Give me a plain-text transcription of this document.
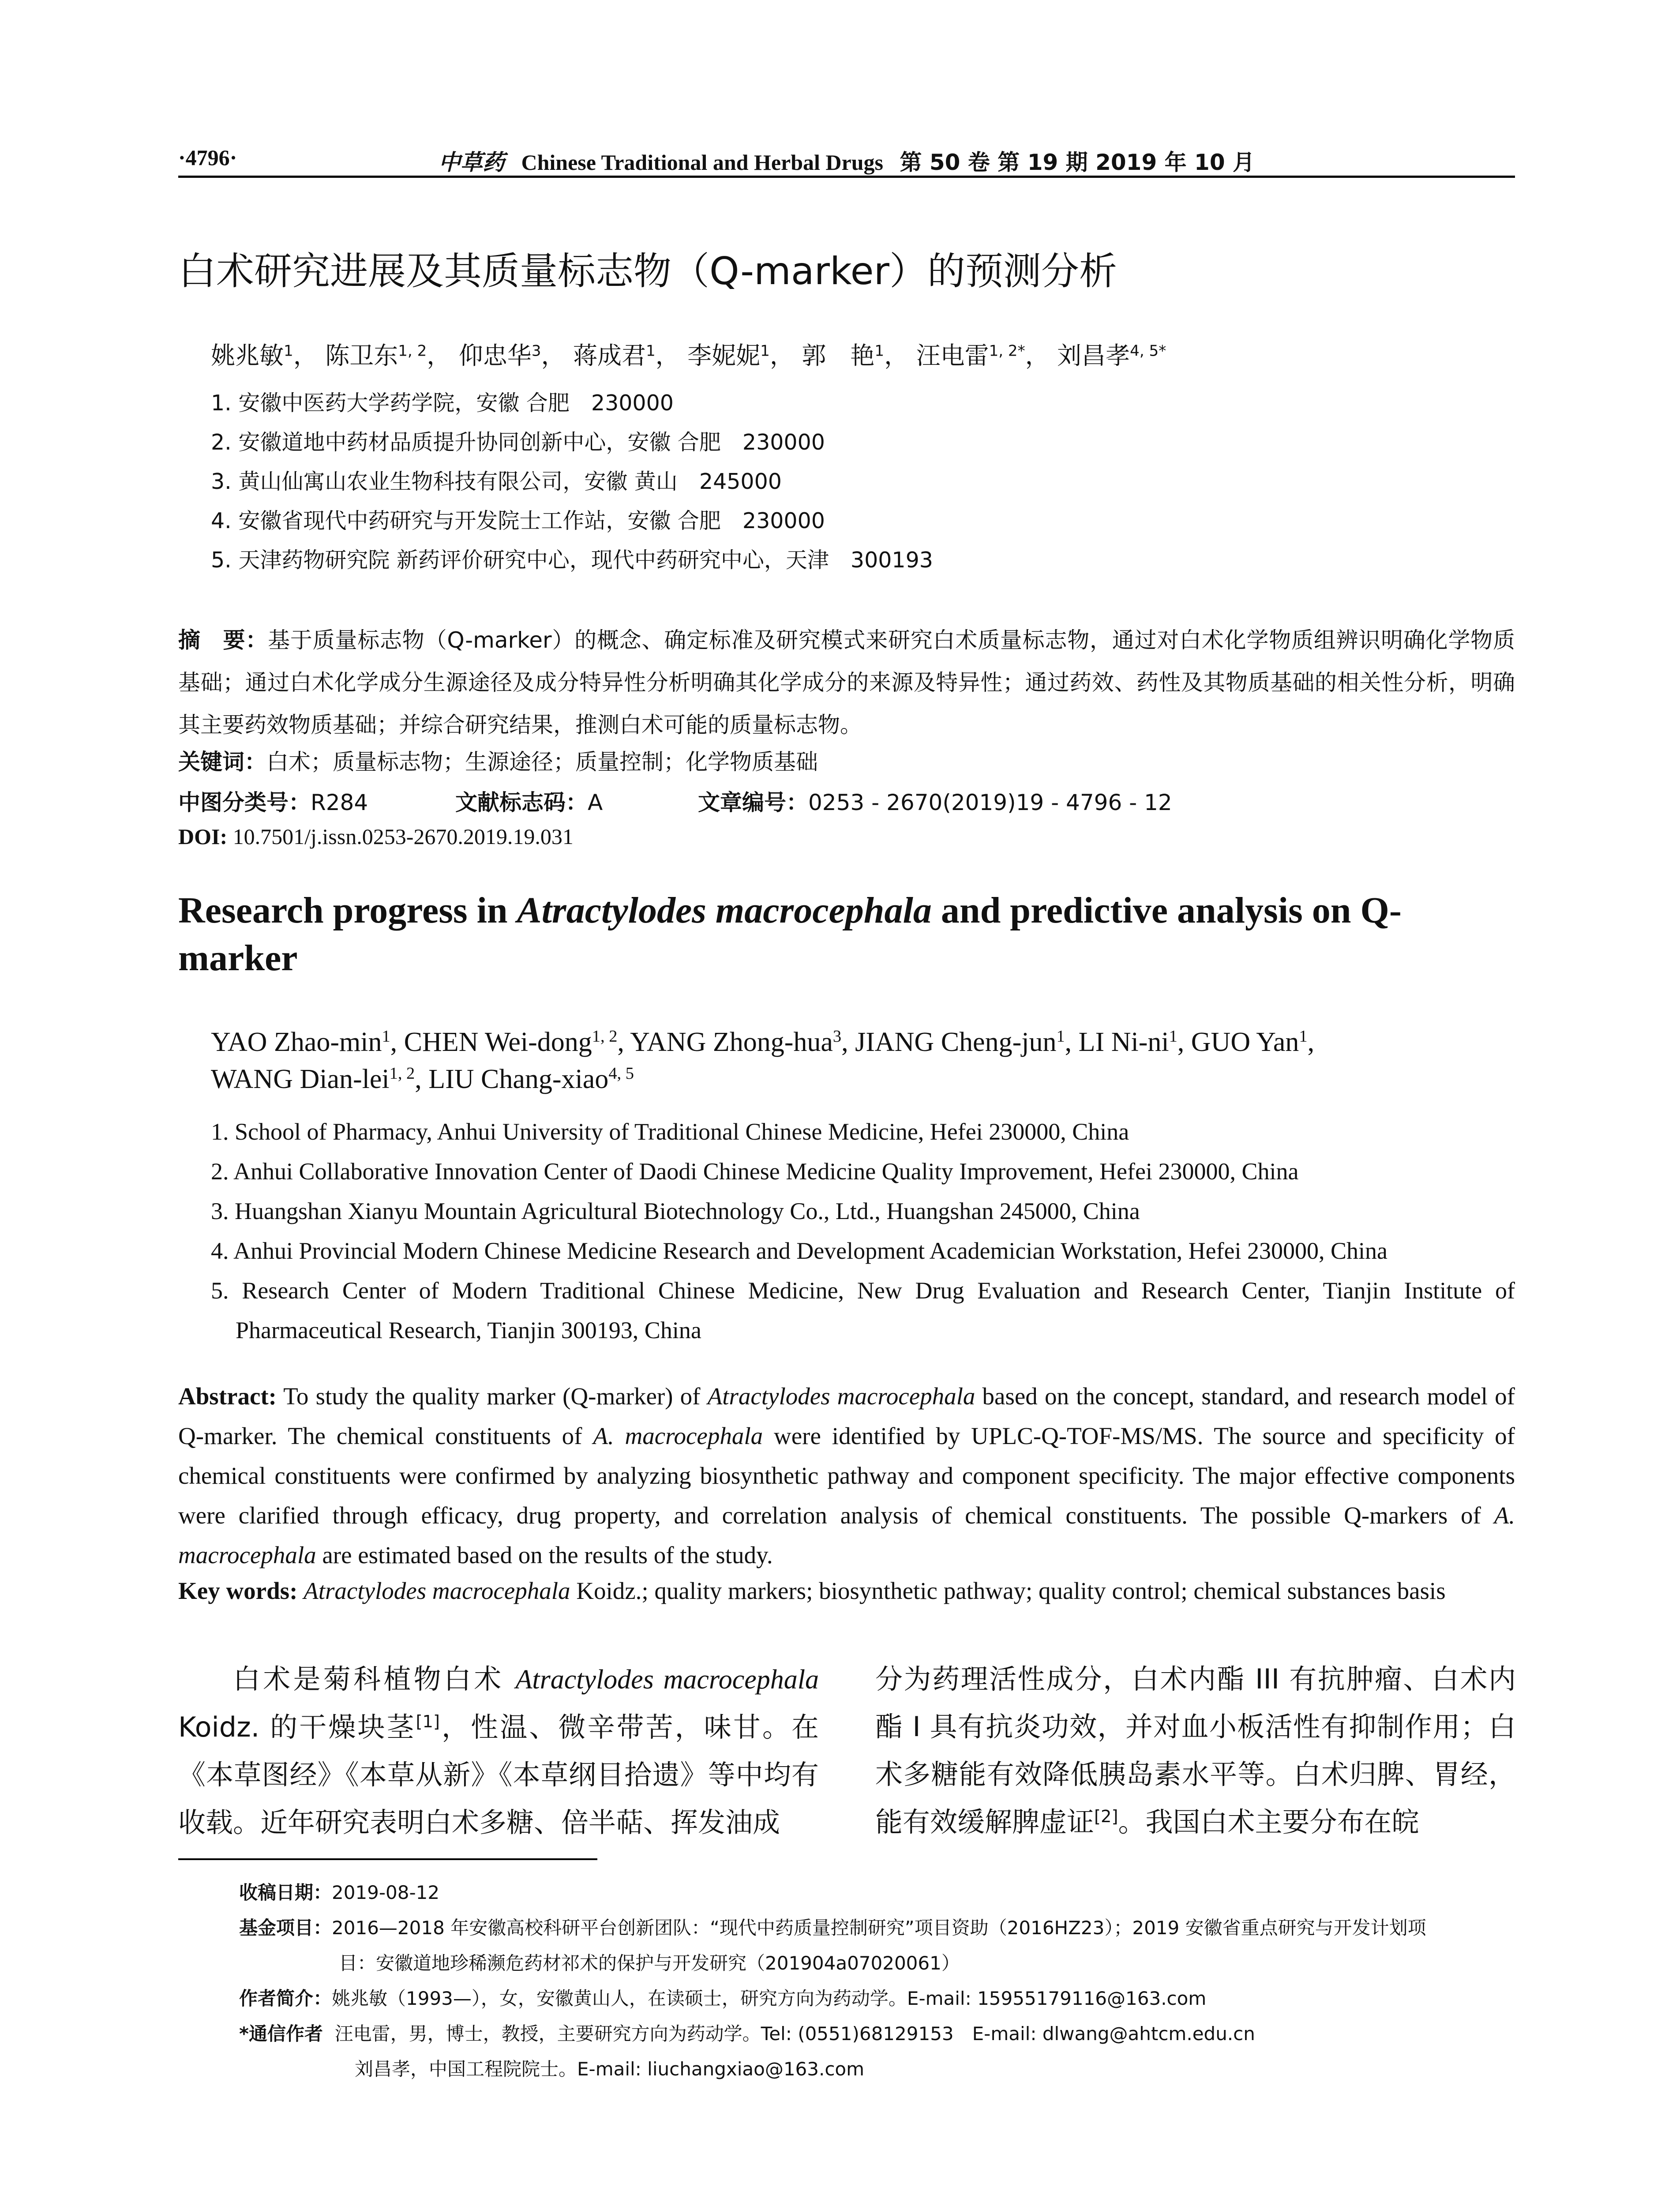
·4796·	中草药 Chinese Traditional and Herbal Drugs 第 50 卷 第 19 期 2019 年 10 月
白术研究进展及其质量标志物（Q-marker）的预测分析
姚兆敏$^1$， 陈卫东$^{1, 2}$， 仰忠华$^3$， 蒋成君$^1$， 李妮妮$^1$， 郭　艳$^1$， 汪电雷$^{1, 2*}$， 刘昌孝$^{4, 5*}$
1. 安徽中医药大学药学院，安徽 合肥　230000
2. 安徽道地中药材品质提升协同创新中心，安徽 合肥　230000
3. 黄山仙寓山农业生物科技有限公司，安徽 黄山　245000
4. 安徽省现代中药研究与开发院士工作站，安徽 合肥　230000
5. 天津药物研究院 新药评价研究中心，现代中药研究中心，天津　300193
摘　要：基于质量标志物（Q-marker）的概念、确定标准及研究模式来研究白术质量标志物，通过对白术化学物质组辨识明确化学物质基础；通过白术化学成分生源途径及成分特异性分析明确其化学成分的来源及特异性；通过药效、药性及其物质基础的相关性分析，明确其主要药效物质基础；并综合研究结果，推测白术可能的质量标志物。
关键词：白术；质量标志物；生源途径；质量控制；化学物质基础
中图分类号：R284	文献标志码：A	文章编号：0253 - 2670(2019)19 - 4796 - 12
DOI: 10.7501/j.issn.0253-2670.2019.19.031
Research progress in Atractylodes macrocephala and predictive analysis on Q-marker
YAO Zhao-$\min^1$, CHEN Wei-dong$^{1, 2}$, YANG Zhong-hua$^3$, JIANG Cheng-jun$^1$, LI $Ni-ni^1$, GUO Yan$^1$,
WANG Dian-lei$^{1, 2}$, LIU Chang-xiao$^{4, 5}$
1. School of Pharmacy, Anhui University of Traditional Chinese Medicine, Hefei 230000, China
2. Anhui Collaborative Innovation Center of Daodi Chinese Medicine Quality Improvement, Hefei 230000, China
3. Huangshan Xianyu Mountain Agricultural Biotechnology Co., Ltd., Huangshan 245000, China
4. Anhui Provincial Modern Chinese Medicine Research and Development Academician Workstation, Hefei 230000, China
5. Research Center of Modern Traditional Chinese Medicine, New Drug Evaluation and Research Center, Tianjin Institute of
Pharmaceutical Research, Tianjin 300193, China
Abstract: To study the quality marker (Q-marker) of Atractylodes macrocephala based on the concept, standard, and research model of Q-marker. The chemical constituents of A. macrocephala were identified by UPLC-Q-TOF-MS/MS. The source and specificity of chemical constituents were confirmed by analyzing biosynthetic pathway and component specificity. The major effective components were clarified through efficacy, drug property, and correlation analysis of chemical constituents. The possible Q-markers of A. macrocephala are estimated based on the results of the study.
Key words: Atractylodes macrocephala Koidz.; quality markers; biosynthetic pathway; quality control; chemical substances basis
白术是菊科植物白术 Atractylodes macrocephala Koidz. 的干燥块茎[1]，性温、微辛带苦，味甘。在《本草图经》《本草从新》《本草纲目拾遗》等中均有收载。近年研究表明白术多糖、倍半萜、挥发油成
分为药理活性成分，白术内酯 III 有抗肿瘤、白术内酯 I 具有抗炎功效，并对血小板活性有抑制作用；白术多糖能有效降低胰岛素水平等。白术归脾、胃经，能有效缓解脾虚证[2]。我国白术主要分布在皖
收稿日期：2019-08-12
基金项目：2016—2018 年安徽高校科研平台创新团队：“现代中药质量控制研究”项目资助（2016HZ23）；2019 安徽省重点研究与开发计划项
目：安徽道地珍稀濒危药材祁术的保护与开发研究（201904a07020061）
作者简介：姚兆敏（1993—），女，安徽黄山人，在读硕士，研究方向为药动学。E-mail: 15955179116@163.com
*通信作者 汪电雷，男，博士，教授，主要研究方向为药动学。Tel: (0551)68129153　E-mail: dlwang@ahtcm.edu.cn
刘昌孝，中国工程院院士。E-mail: liuchangxiao@163.com
